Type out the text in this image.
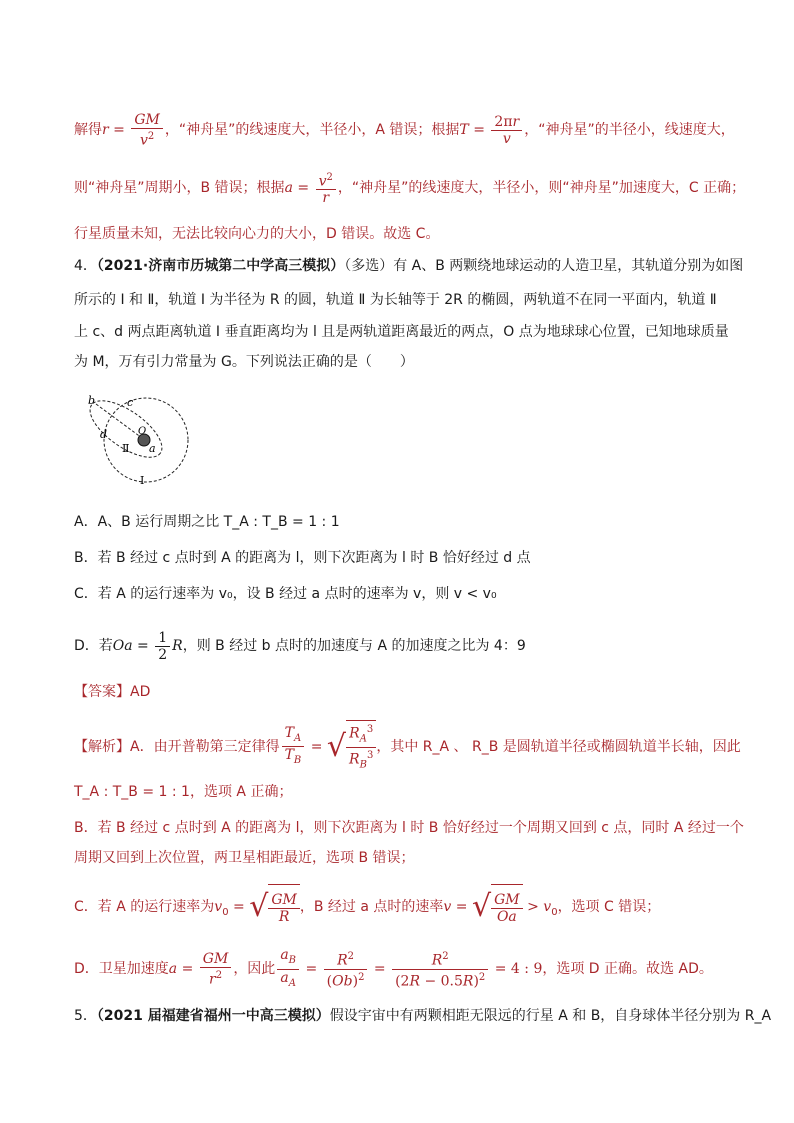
解得$r = \frac{GM}{v^2}$ ，“神舟星”的线速度大，半径小，A 错误；根据$T = \frac{2\pi r}{v}$ ，“神舟星”的半径小，线速度大，
则“神舟星”周期小，B 错误；根据$a = \frac{v^2}{r}$ ，“神舟星”的线速度大，半径小，则“神舟星”加速度大，C 正确；
行星质量未知，无法比较向心力的大小，D 错误。故选 C。
4．（2021·济南市历城第二中学高三模拟）（多选）有 A、B 两颗绕地球运动的人造卫星，其轨道分别为如图
所示的 Ⅰ 和 Ⅱ，轨道 Ⅰ 为半径为 R 的圆，轨道 Ⅱ 为长轴等于 2R 的椭圆，两轨道不在同一平面内，轨道 Ⅱ
上 c、d 两点距离轨道 Ⅰ 垂直距离均为 l 且是两轨道距离最近的两点，O 点为地球球心位置，已知地球质量
为 M，万有引力常量为 G。下列说法正确的是（　　）
b	c
d	O
a
Ⅱ
Ⅰ
A．A、B 运行周期之比 T_A : T_B = 1 : 1
B．若 B 经过 c 点时到 A 的距离为 l，则下次距离为 l 时 B 恰好经过 d 点
C．若 A 的运行速率为 v₀，设 B 经过 a 点时的速率为 v，则 v < v₀
D．若$Oa = \frac{1}{2}$ R，则 B 经过 b 点时的加速度与 A 的加速度之比为 4：9
【答案】AD
【解析】A．由开普勒第三定律得 $\frac{T_A}{T_B}$ = √ $\frac{R_A^3}{R_B^3}$ ，其中 R_A 、 R_B 是圆轨道半径或椭圆轨道半长轴，因此
T_A : T_B = 1 : 1，选项 A 正确；
B．若 B 经过 c 点时到 A 的距离为 l，则下次距离为 l 时 B 恰好经过一个周期又回到 c 点，同时 A 经过一个
周期又回到上次位置，两卫星相距最近，选项 B 错误；
C．若 A 的运行速率为$v_0$ = √ $\frac{GM}{R}$ ，B 经过 a 点时的速率v = √ $\frac{GM}{Oa} > v_0$，选项 C 错误；
D．卫星加速度$a = \frac{GM}{r^2}$ ，因此 $\frac{a_B}{a_A} = \frac{R^2}{(Ob)^2} = \frac{R^2}{(2R - 0.5R)^2} = 4$ : 9，选项 D 正确。故选 AD。
5．（2021 届福建省福州一中高三模拟）假设宇宙中有两颗相距无限远的行星 A 和 B，自身球体半径分别为 R_A
